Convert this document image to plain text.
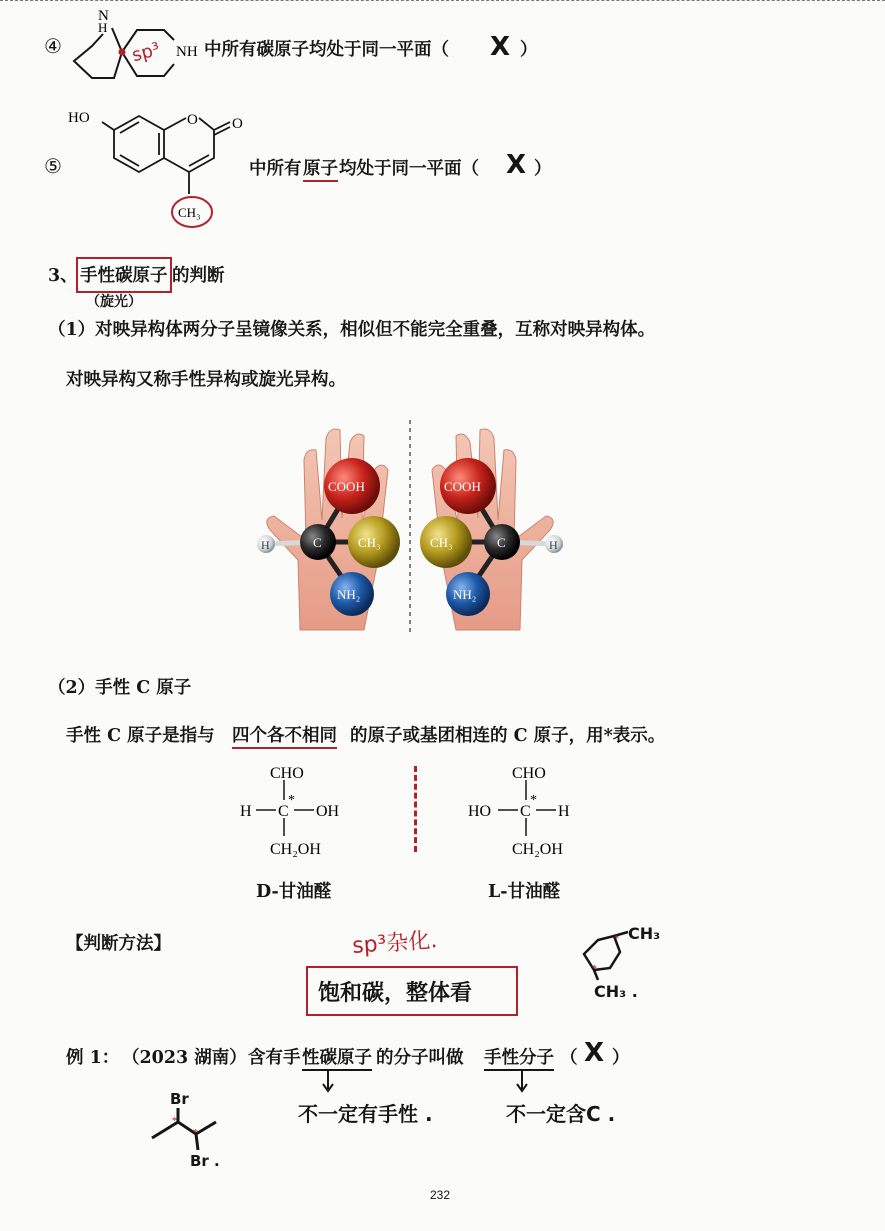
④
N
H
NH
sp³ 中所有碳原子均处于同一平面（ X ）
⑤
HO	O O
CH₃
中所有 原子 均处于同一平面（ X ）
3、 手性碳原子 的判断
（旋光）
（1）对映异构体两分子呈镜像关系，相似但不能完全重叠，互称对映异构体。
对映异构又称手性异构或旋光异构。
COOH
CH₃
C
NH₂
H
COOH
CH₃	C
NH₂
H
（2）手性 C 原子
手性 C 原子是指与 四个各不相同 的原子或基团相连的 C 原子，用*表示。
CHO
H C
*
OH
CH₂OH
D-甘油醛
CHO
HO C
*
H
CH₂OH
L-甘油醛
【判断方法】	sp³杂化.
饱和碳，整体看
*
*
CH₃
CH₃ .
例 1： （2023 湖南） 含有手 性碳原子 的分子叫做 手性分子 （ X ）
不一定有手性 .	不一定含C .
*
*
Br
Br .
232
